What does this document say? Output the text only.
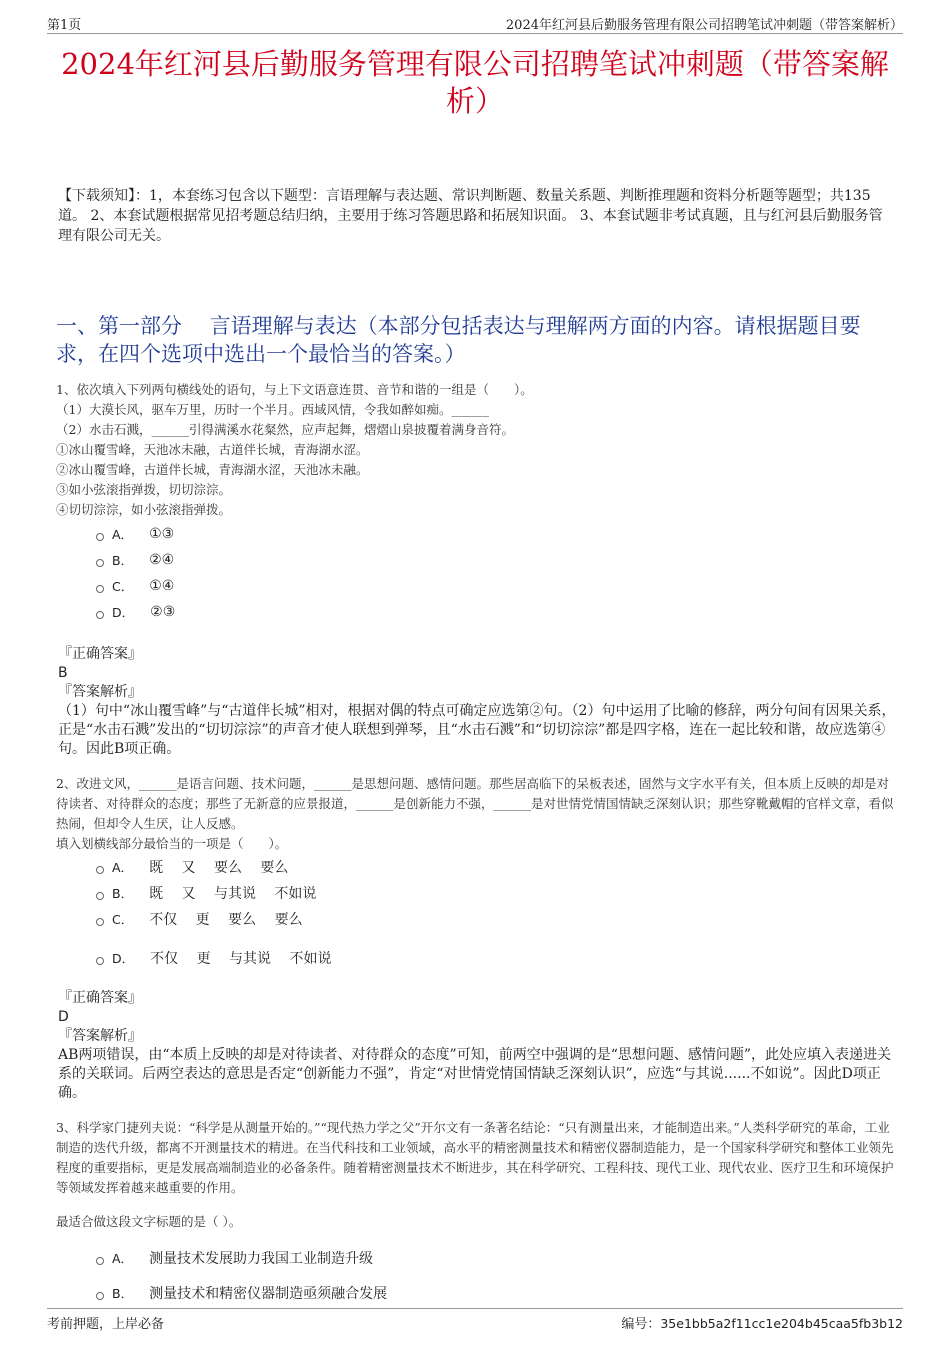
第1页	2024年红河县后勤服务管理有限公司招聘笔试冲刺题（带答案解析）
2024年红河县后勤服务管理有限公司招聘笔试冲刺题（带答案解析）
【下载须知】：1，本套练习包含以下题型：言语理解与表达题、常识判断题、数量关系题、判断推理题和资料分析题等题型；共135道。 2、本套试题根据常见招考题总结归纳，主要用于练习答题思路和拓展知识面。 3、本套试题非考试真题，且与红河县后勤服务管理有限公司无关。
一、第一部分　 言语理解与表达（本部分包括表达与理解两方面的内容。请根据题目要求，在四个选项中选出一个最恰当的答案。）

1、依次填入下列两句横线处的语句，与上下文语意连贯、音节和谐的一组是（　　）。

（1）大漠长风，驱车万里，历时一个半月。西域风情，令我如醉如痴。______

（2）水击石溅，______引得满溪水花粲然，应声起舞，熠熠山泉披覆着满身音符。

①冰山覆雪峰，天池冰未融，古道伴长城，青海湖水涩。

②冰山覆雪峰，古道伴长城，青海湖水涩，天池冰未融。

③如小弦滚指弹拨，切切淙淙。

④切切淙淙，如小弦滚指弹拨。

A． ①③
B． ②④
C． ①④
D． ②③

『正确答案』

B

『答案解析』

（1）句中“冰山覆雪峰”与“古道伴长城”相对，根据对偶的特点可确定应选第②句。（2）句中运用了比喻的修辞，两分句间有因果关系，正是“水击石溅”发出的“切切淙淙”的声音才使人联想到弹琴，且“水击石溅”和“切切淙淙”都是四字格，连在一起比较和谐，故应选第④句。因此B项正确。

2、改进文风，______是语言问题、技术问题，______是思想问题、感情问题。那些居高临下的呆板表述，固然与文字水平有关，但本质上反映的却是对待读者、对待群众的态度；那些了无新意的应景报道，______是创新能力不强，______是对世情党情国情缺乏深刻认识；那些穿靴戴帽的官样文章，看似热闹，但却令人生厌，让人反感。

填入划横线部分最恰当的一项是（　　）。

A． 既　 又　 要么　 要么
B． 既　 又　 与其说　 不如说
C． 不仅　 更　 要么　 要么
D． 不仅　 更　 与其说　 不如说

『正确答案』

D

『答案解析』

AB两项错误，由“本质上反映的却是对待读者、对待群众的态度”可知，前两空中强调的是“思想问题、感情问题”，此处应填入表递进关系的关联词。后两空表达的意思是否定“创新能力不强”，肯定“对世情党情国情缺乏深刻认识”，应选“与其说......不如说”。因此D项正确。

3、科学家门捷列夫说：“科学是从测量开始的。”“现代热力学之父”开尔文有一条著名结论：“只有测量出来，才能制造出来。”人类科学研究的革命，工业制造的迭代升级，都离不开测量技术的精进。在当代科技和工业领域，高水平的精密测量技术和精密仪器制造能力，是一个国家科学研究和整体工业领先程度的重要指标，更是发展高端制造业的必备条件。随着精密测量技术不断进步，其在科学研究、工程科技、现代工业、现代农业、医疗卫生和环境保护等领域发挥着越来越重要的作用。

最适合做这段文字标题的是（ ）。
A． 测量技术发展助力我国工业制造升级
B． 测量技术和精密仪器制造亟须融合发展
考前押题，上岸必备	编号：35e1bb5a2f11cc1e204b45caa5fb3b12
